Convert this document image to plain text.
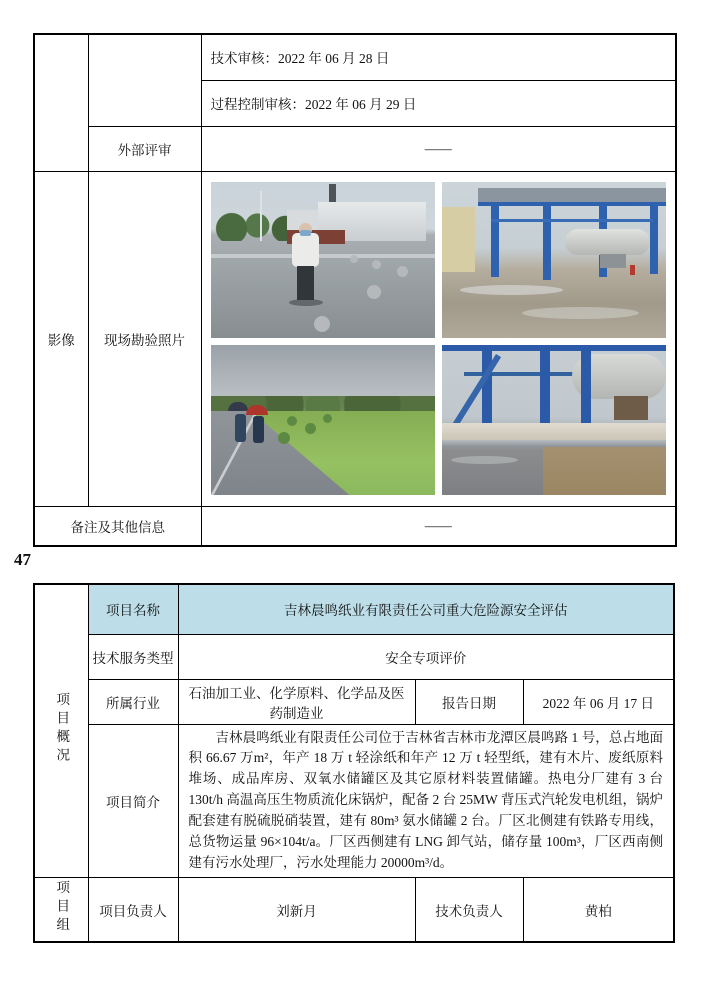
		技术审核：2022 年 06 月 28 日
		过程控制审核：2022 年 06 月 29 日
	外部评审	——
影像	现场勘验照片	

备注及其他信息		——
47
项目概况	项目名称	吉林晨鸣纸业有限责任公司重大危险源安全评估		
	技术服务类型	安全专项评价		
	所属行业	石油加工业、化学原料、化学品及医药制造业	报告日期	2022 年 06 月 17 日
	项目简介	吉林晨鸣纸业有限责任公司位于吉林省吉林市龙潭区晨鸣路 1 号，总占地面积 66.67 万m²，年产 18 万 t 轻涂纸和年产 12 万 t 轻型纸，建有木片、废纸原料堆场、成品库房、双氧水储罐区及其它原材料装置储罐。热电分厂建有 3 台 130t/h 高温高压生物质流化床锅炉，配备 2 台 25MW 背压式汽轮发电机组，锅炉配套建有脱硫脱硝装置，建有 80m³ 氨水储罐 2 台。厂区北侧建有铁路专用线，总货物运量 96×104t/a。厂区西侧建有 LNG 卸气站，储存量 100m³，厂区西南侧建有污水处理厂，污水处理能力 20000m³/d。		

项目组	项目负责人	刘新月	技术负责人	黄柏
